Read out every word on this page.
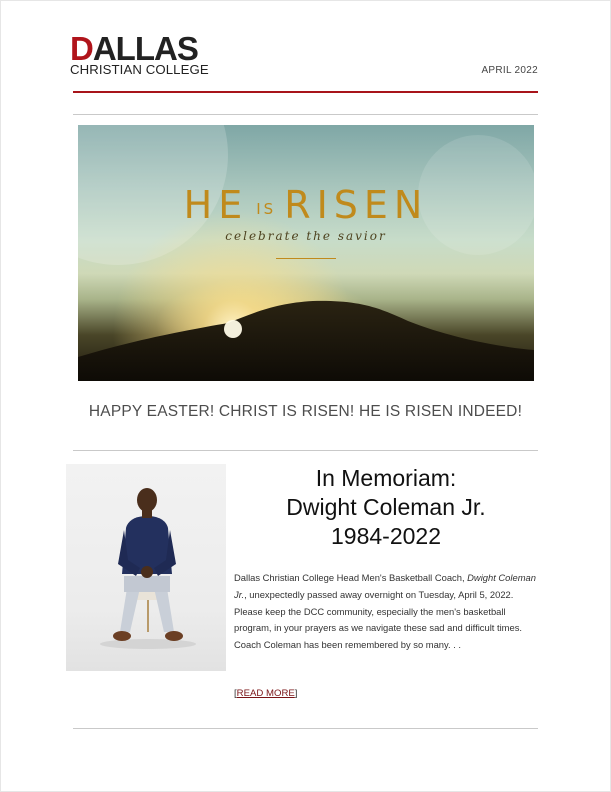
DALLAS
CHRISTIAN COLLEGE	APRIL 2022
HE IS RISEN
celebrate the savior
HAPPY EASTER! CHRIST IS RISEN! HE IS RISEN INDEED!
In Memoriam:
Dwight Coleman Jr.
1984-2022

Dallas Christian College Head Men's Basketball Coach, Dwight Coleman Jr., unexpectedly passed away overnight on Tuesday, April 5, 2022. Please keep the DCC community, especially the men's basketball program, in your prayers as we navigate these sad and difficult times. Coach Coleman has been remembered by so many. . .

[READ MORE]
